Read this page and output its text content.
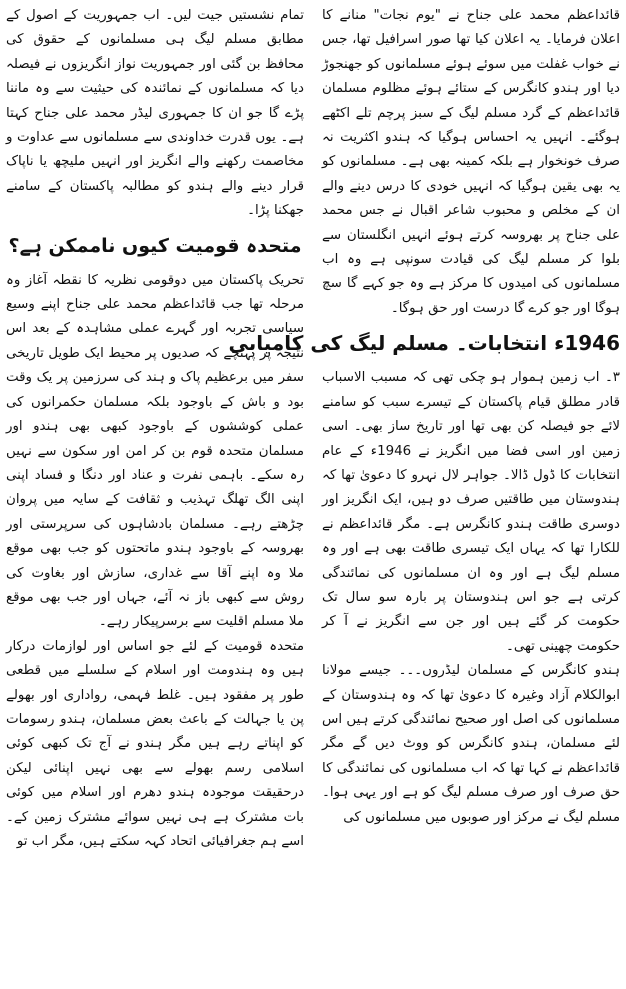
قائداعظم محمد علی جناح نے "یوم نجات" منانے کا اعلان فرمایا۔ یہ اعلان کیا تھا صور اسرافیل تھا، جس نے خواب غفلت میں سوئے ہوئے مسلمانوں کو جھنجوڑ دیا اور ہندو کانگرس کے ستائے ہوئے مظلوم مسلمان قائداعظم کے گرد مسلم لیگ کے سبز پرچم تلے اکٹھے ہوگئے۔ انہیں یہ احساس ہوگیا کہ ہندو اکثریت نہ صرف خونخوار ہے بلکہ کمینہ بھی ہے۔ مسلمانوں کو یہ بھی یقین ہوگیا کہ انہیں خودی کا درس دینے والے ان کے مخلص و محبوب شاعر اقبال نے جس محمد علی جناح پر بھروسہ کرتے ہوئے انہیں انگلستان سے بلوا کر مسلم لیگ کی قیادت سونپی ہے وہ اب مسلمانوں کی امیدوں کا مرکز ہے وہ جو کہے گا سچ ہوگا اور جو کرے گا درست اور حق ہوگا۔

1946ء انتخابات۔ مسلم لیگ کی کامیابی

۳۔ اب زمین ہموار ہو چکی تھی کہ مسبب الاسباب قادر مطلق قیام پاکستان کے تیسرے سبب کو سامنے لائے جو فیصلہ کن بھی تھا اور تاریخ ساز بھی۔ اسی زمین اور اسی فضا میں انگریز نے 1946ء کے عام انتخابات کا ڈول ڈالا۔ جواہر لال نہرو کا دعویٰ تھا کہ ہندوستان میں طاقتیں صرف دو ہیں، ایک انگریز اور دوسری طاقت ہندو کانگرس ہے۔ مگر قائداعظم نے للکارا تھا کہ یہاں ایک تیسری طاقت بھی ہے اور وہ مسلم لیگ ہے اور وہ ان مسلمانوں کی نمائندگی کرتی ہے جو اس ہندوستان پر بارہ سو سال تک حکومت کر گئے ہیں اور جن سے انگریز نے آ کر حکومت چھینی تھی۔

ہندو کانگرس کے مسلمان لیڈروں۔۔۔ جیسے مولانا ابوالکلام آزاد وغیرہ کا دعویٰ تھا کہ وہ ہندوستان کے مسلمانوں کی اصل اور صحیح نمائندگی کرتے ہیں اس لئے مسلمان، ہندو کانگرس کو ووٹ دیں گے مگر قائداعظم نے کہا تھا کہ اب مسلمانوں کی نمائندگی کا حق صرف اور صرف مسلم لیگ کو ہے اور یہی ہوا۔ مسلم لیگ نے مرکز اور صوبوں میں مسلمانوں کی

تمام نشستیں جیت لیں۔ اب جمہوریت کے اصول کے مطابق مسلم لیگ ہی مسلمانوں کے حقوق کی محافظ بن گئی اور جمہوریت نواز انگریزوں نے فیصلہ دیا کہ مسلمانوں کے نمائندہ کی حیثیت سے وہ ماننا پڑے گا جو ان کا جمہوری لیڈر محمد علی جناح کہتا ہے۔ یوں قدرت خداوندی سے مسلمانوں سے عداوت و مخاصمت رکھنے والے انگریز اور انہیں ملیچھ یا ناپاک قرار دینے والے ہندو کو مطالبہ پاکستان کے سامنے جھکنا پڑا۔

متحدہ قومیت کیوں ناممکن ہے؟

تحریک پاکستان میں دوقومی نظریہ کا نقطہ آغاز وہ مرحلہ تھا جب قائداعظم محمد علی جناح اپنے وسیع سیاسی تجربہ اور گہرے عملی مشاہدہ کے بعد اس نتیجہ پر پہنچے کہ صدیوں پر محیط ایک طویل تاریخی سفر میں برعظیم پاک و ہند کی سرزمین پر یک وقت بود و باش کے باوجود بلکہ مسلمان حکمرانوں کی عملی کوششوں کے باوجود کبھی بھی ہندو اور مسلمان متحدہ قوم بن کر امن اور سکون سے نہیں رہ سکے۔ باہمی نفرت و عناد اور دنگا و فساد اپنی اپنی الگ تھلگ تہذیب و ثقافت کے سایہ میں پروان چڑھتے رہے۔ مسلمان بادشاہوں کی سرپرستی اور بھروسہ کے باوجود ہندو ماتحتوں کو جب بھی موقع ملا وہ اپنے آقا سے غداری، سازش اور بغاوت کی روش سے کبھی باز نہ آئے، جہاں اور جب بھی موقع ملا مسلم اقلیت سے برسرپیکار رہے۔

متحدہ قومیت کے لئے جو اساس اور لوازمات درکار ہیں وہ ہندومت اور اسلام کے سلسلے میں قطعی طور پر مفقود ہیں۔ غلط فہمی، رواداری اور بھولے پن یا جہالت کے باعث بعض مسلمان، ہندو رسومات کو اپناتے رہے ہیں مگر ہندو نے آج تک کبھی کوئی اسلامی رسم بھولے سے بھی نہیں اپنائی لیکن درحقیقت موجودہ ہندو دھرم اور اسلام میں کوئی بات مشترک ہے ہی نہیں سوائے مشترک زمین کے۔ اسے ہم جغرافیائی اتحاد کہہ سکتے ہیں، مگر اب تو
